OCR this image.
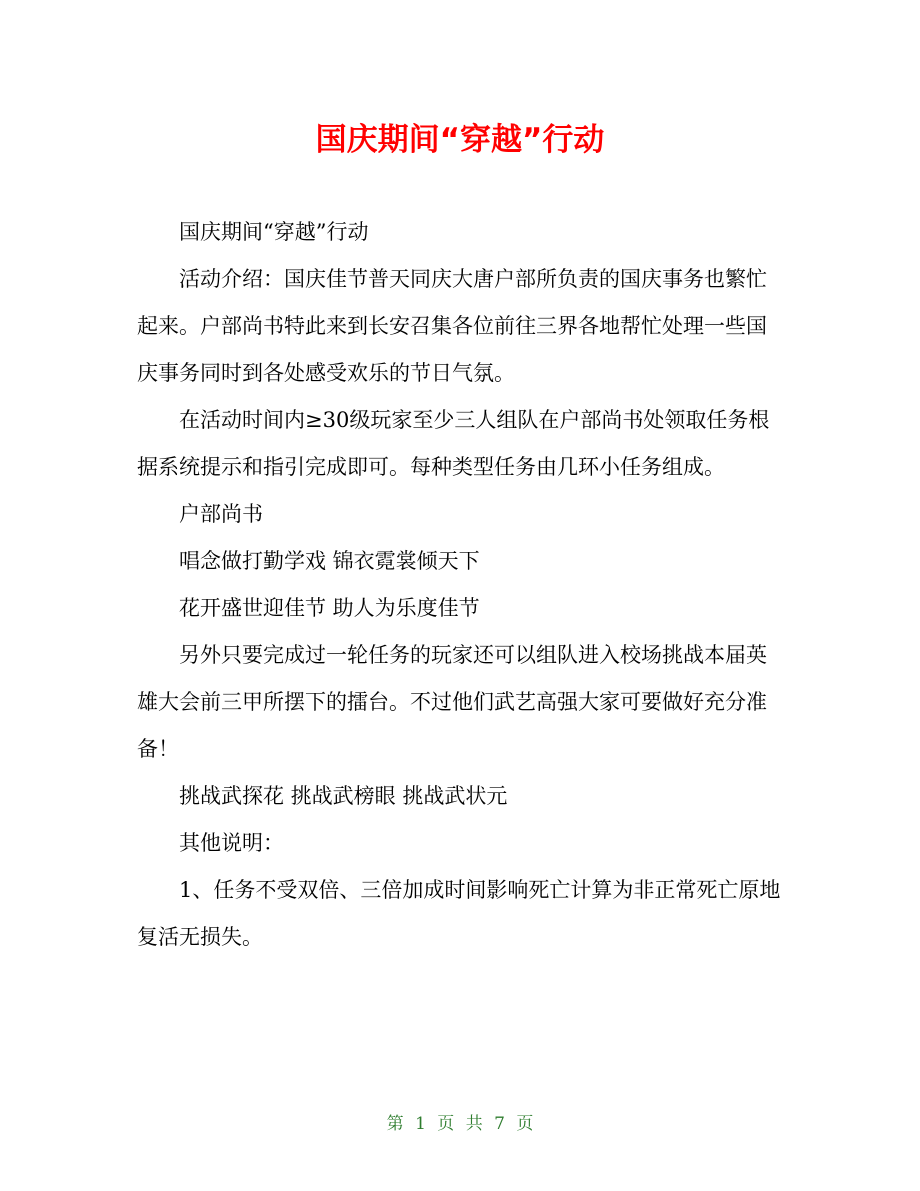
国庆期间“穿越”行动

国庆期间“穿越”行动

活动介绍：国庆佳节普天同庆大唐户部所负责的国庆事务也繁忙起来。户部尚书特此来到长安召集各位前往三界各地帮忙处理一些国庆事务同时到各处感受欢乐的节日气氛。

在活动时间内≥30级玩家至少三人组队在户部尚书处领取任务根据系统提示和指引完成即可。每种类型任务由几环小任务组成。

户部尚书

唱念做打勤学戏 锦衣霓裳倾天下

花开盛世迎佳节 助人为乐度佳节

另外只要完成过一轮任务的玩家还可以组队进入校场挑战本届英雄大会前三甲所摆下的擂台。不过他们武艺高强大家可要做好充分准备！

挑战武探花 挑战武榜眼 挑战武状元

其他说明：

1、任务不受双倍、三倍加成时间影响死亡计算为非正常死亡原地复活无损失。

第 1 页 共 7 页
